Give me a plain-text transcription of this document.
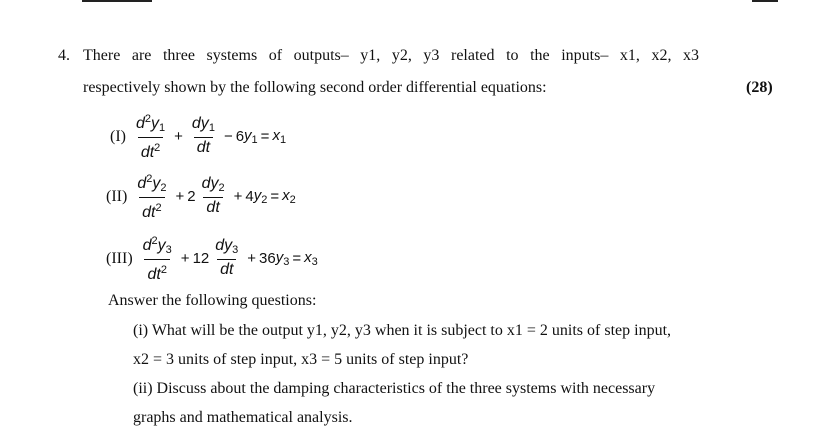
4. There are three systems of outputs– y1, y2, y3 related to the inputs– x1, x2, x3
respectively shown by the following second order differential equations:	(28)
$(I) \frac{d^2y_1}{dt^2} + \frac{dy_1}{dt} - 6$ $y_1 = x_1$
$(II) \frac{d^2y_2}{dt^2} + 2 \frac{dy_2}{dt} + 4$ $y_2 = x_2$
$(III) \frac{d^2y_3}{dt^2} + 12 \frac{dy_3}{dt} + 36$ $y_3 = x_3$
Answer the following questions:
(i) What will be the output y1, y2, y3 when it is subject to x1 = 2 units of step input,
x2 = 3 units of step input, x3 = 5 units of step input?
(ii) Discuss about the damping characteristics of the three systems with necessary
graphs and mathematical analysis.
